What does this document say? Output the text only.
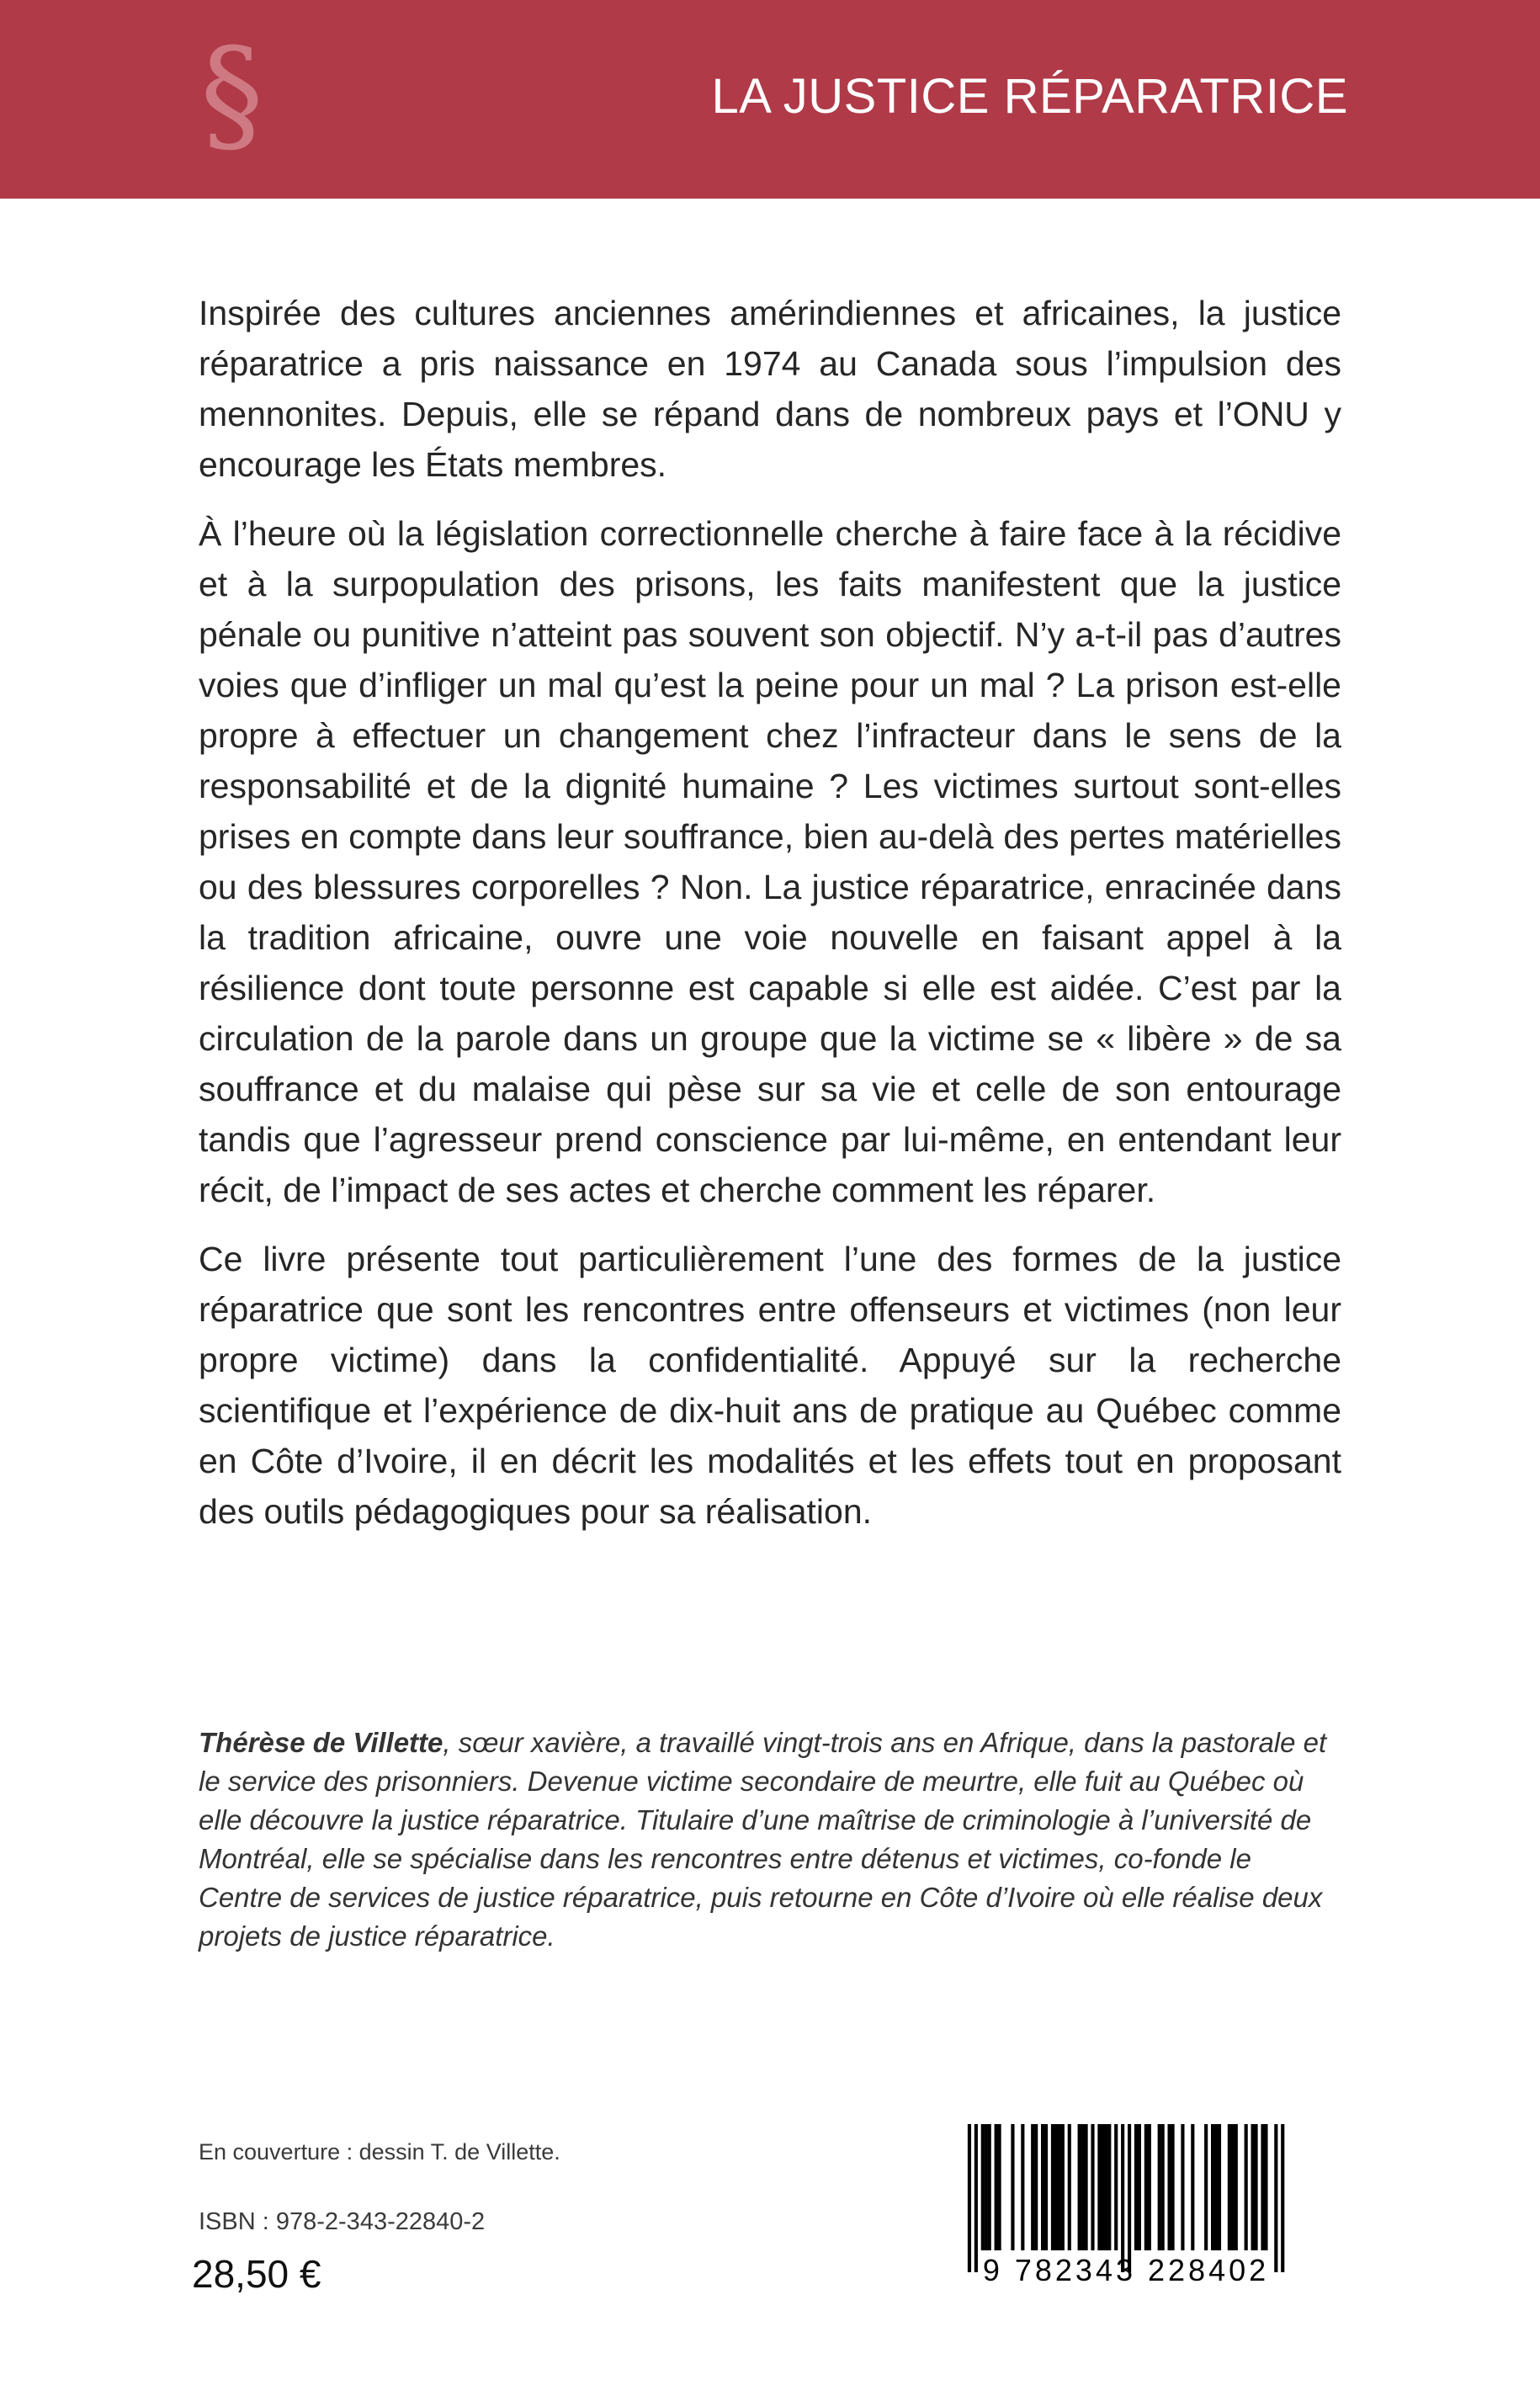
§	LA JUSTICE RÉPARATRICE

Inspirée des cultures anciennes amérindiennes et africaines, la justice réparatrice a pris naissance en 1974 au Canada sous l’impulsion des mennonites. Depuis, elle se répand dans de nombreux pays et l’ONU y encourage les États membres.

À l’heure où la législation correctionnelle cherche à faire face à la récidive et à la surpopulation des prisons, les faits manifestent que la justice pénale ou punitive n’atteint pas souvent son objectif. N’y a-t-il pas d’autres voies que d’infliger un mal qu’est la peine pour un mal ? La prison est-elle propre à effectuer un changement chez l’infracteur dans le sens de la responsabilité et de la dignité humaine ? Les victimes surtout sont-elles prises en compte dans leur souffrance, bien au-delà des pertes matérielles ou des blessures corporelles ? Non. La justice réparatrice, enracinée dans la tradition africaine, ouvre une voie nouvelle en faisant appel à la résilience dont toute personne est capable si elle est aidée. C’est par la circulation de la parole dans un groupe que la victime se « libère » de sa souffrance et du malaise qui pèse sur sa vie et celle de son entourage tandis que l’agresseur prend conscience par lui-même, en entendant leur récit, de l’impact de ses actes et cherche comment les réparer.

Ce livre présente tout particulièrement l’une des formes de la justice réparatrice que sont les rencontres entre offenseurs et victimes (non leur propre victime) dans la confidentialité. Appuyé sur la recherche scientifique et l’expérience de dix-huit ans de pratique au Québec comme en Côte d’Ivoire, il en décrit les modalités et les effets tout en proposant des outils pédagogiques pour sa réalisation.

Thérèse de Villette, sœur xavière, a travaillé vingt-trois ans en Afrique, dans la pastorale et le service des prisonniers. Devenue victime secondaire de meurtre, elle fuit au Québec où elle découvre la justice réparatrice. Titulaire d’une maîtrise de criminologie à l’université de Montréal, elle se spécialise dans les rencontres entre détenus et victimes, co-fonde le Centre de services de justice réparatrice, puis retourne en Côte d’Ivoire où elle réalise deux projets de justice réparatrice.

En couverture : dessin T. de Villette.
ISBN : 978-2-343-22840-2
28,50 €	9 782343 228402
